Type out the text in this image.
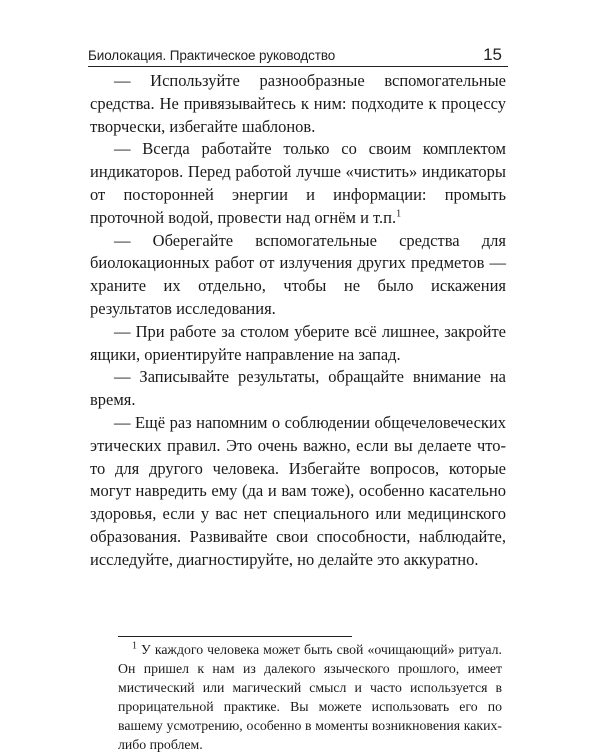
Биолокация. Практическое руководство	15

— Используйте разнообразные вспомогательные средства. Не привязывайтесь к ним: подходите к процессу творчески, избегайте шаблонов.

— Всегда работайте только со своим комплектом индикаторов. Перед работой лучше «чистить» индикаторы от посторонней энергии и информации: промыть проточной водой, провести над огнём и т.п.$^1$

— Оберегайте вспомогательные средства для биолокационных работ от излучения других предметов — храните их отдельно, чтобы не было искажения результатов исследования.

— При работе за столом уберите всё лишнее, закройте ящики, ориентируйте направление на запад.

— Записывайте результаты, обращайте внимание на время.

— Ещё раз напомним о соблюдении общечеловеческих этических правил. Это очень важно, если вы делаете что-то для другого человека. Избегайте вопросов, которые могут навредить ему (да и вам тоже), особенно касательно здоровья, если у вас нет специального или медицинского образования. Развивайте свои способности, наблюдайте, исследуйте, диагностируйте, но делайте это аккуратно.

$^1$ У каждого человека может быть свой «очищающий» ритуал. Он пришел к нам из далекого языческого прошлого, имеет мистический или магический смысл и часто используется в прорицательной практике. Вы можете использовать его по вашему усмотрению, особенно в моменты возникновения каких-либо проблем.
